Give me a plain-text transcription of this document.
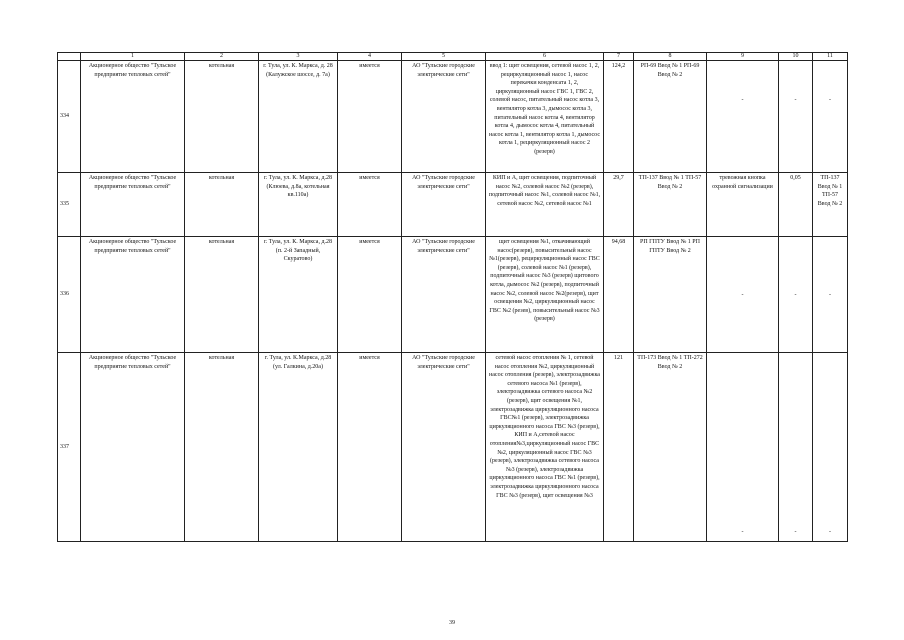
	1	2	3	4	5	6	7	8	9	10	11
334	Акционерное общество "Тульское предприятие тепловых сетей"	котельная	г. Тула, ул. К. Маркса, д. 28 (Калужское шоссе, д. 7а)	имеется	АО "Тульские городские электрические сети"	ввод 1: щит освещения, сетевой насос 1, 2, рециркуляционный насос 1, насос перекачки конденсата 1, 2, циркуляционный насос ГВС 1, ГВС 2, солевой насос, питательный насос котла 3, вентилятор котла 3, дымосос котла 3, питательный насос котла 4, вентилятор котла 4, дымосос котла 4, питательный насос котла 1, вентилятор котла 1, дымосос котла 1, рециркуляционный насос 2 (резерв)	124,2	РП-69 Ввод № 1 РП-69 Ввод № 2	-	-	-

335	Акционерное общество "Тульское предприятие тепловых сетей"	котельная	г. Тула, ул. К. Маркса, д.28 (Клюева, д.8а, котельная кв.110а)	имеется	АО "Тульские городские электрические сети"	КИП и А, щит освещения, подпиточный насос №2, солевой насос №2 (резерв), подпиточный насос №1, солевой насос №1, сетевой насос №2, сетевой насос №1	29,7	ТП-137 Ввод № 1 ТП-57 Ввод № 2	тревожная кнопка охранной сигнализации	0,05	ТП-137 Ввод № 1 ТП-57 Ввод № 2
336	Акционерное общество "Тульское предприятие тепловых сетей"	котельная	г. Тула, ул. К. Маркса, д.28 (п. 2-й Западный, Скуратово)	имеется	АО "Тульские городские электрические сети"	щит освещения №1, откачивающий насос(резерв), повысительный насос №1(резерв), рециркуляционный насос ГВС (резерв), солевой насос №1 (резерв), подпиточный насос №3 (резерв) щитового котла, дымосос №2 (резерв), подпиточный насос №2, солевой насос №2(резерв), щит освещения №2, циркуляционный насос ГВС №2 (резев), повысительный насос №3 (резерв)	94,68	РП ГПТУ Ввод № 1 РП ГПТУ Ввод № 2	-	-	-

337	Акционерное общество "Тульское предприятие тепловых сетей"	котельная	г. Тула, ул. К.Маркса, д.28 (ул. Галкина, д.20а)	имеется	АО "Тульские городские электрические сети"	сетевой насос отопления № 1, сетевой насос отопления №2, циркуляционный насос отопления (резерв), электрозадвижка сетевого насоса №1 (резерв), электрозадвижка сетевого насоса №2 (резерв), щит освещения №1, электрозадвижка циркуляционного насоса ГВС№1 (резерв), электрозадвижка циркуляционного насоса ГВС №3 (резерв), КИП и А,сетевой насос отопления№3,циркуляционный насос ГВС №2, циркуляционный насос ГВС №3 (резерв), электрозадвижка сетевого насоса №3 (резерв), электрозадвижка циркуляционного насоса ГВС №1 (резерв), электрозадвижка циркуляционного насоса ГВС №3 (резерв), щит освещения №3	121	ТП-173 Ввод № 1 ТП-272 Ввод № 2	-	-	-
39
